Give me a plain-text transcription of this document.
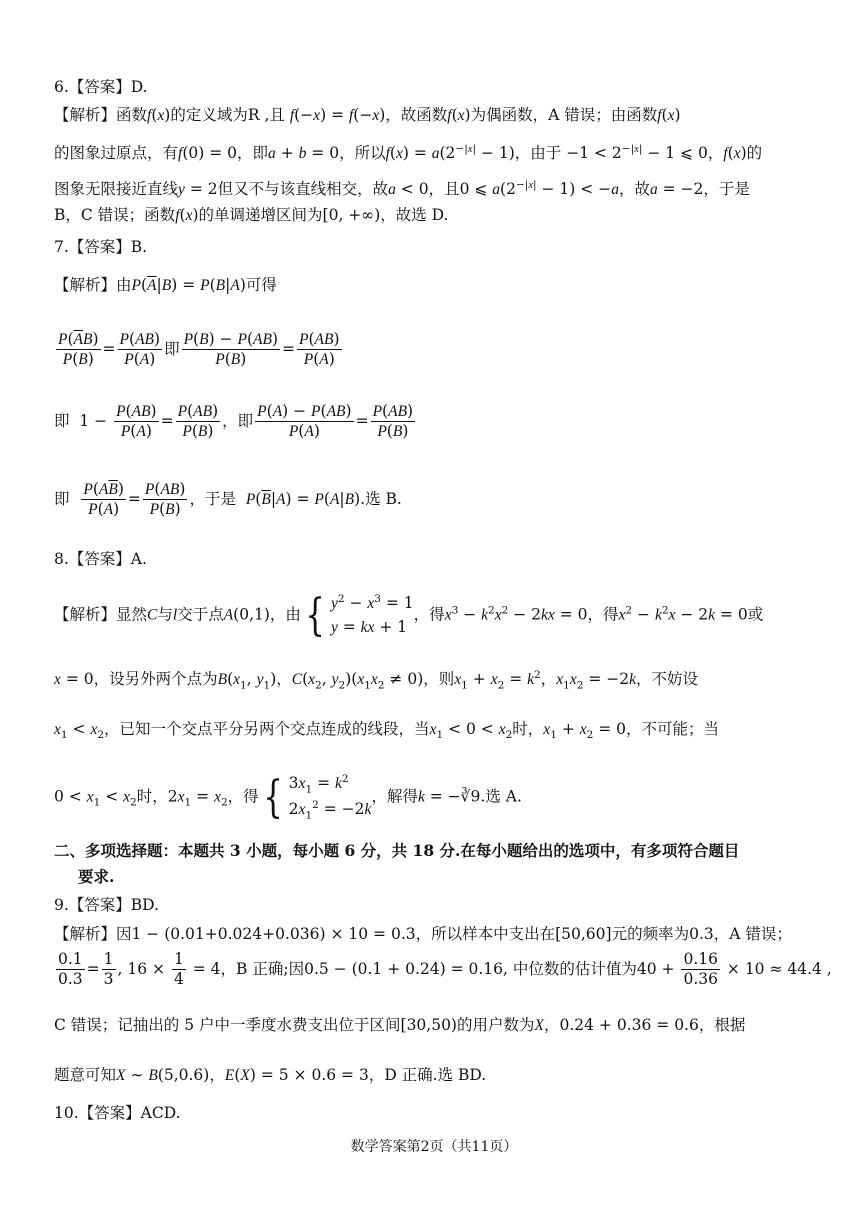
6.【答案】D.
【解析】函数f(x)的定义域为R ,且 f(−x) = f(−x)，故函数f(x)为偶函数，A 错误；由函数f(x)
的图象过原点，有f(0) = 0，即a + b = 0，所以$f(x) = a(2^{-|x|} - 1)$，由于 $-1 < 2^{-|x|} - 1$ ⩽ 0，f(x)的
图象无限接近直线y = 2但又不与该直线相交，故a < 0，且0 ⩽ $a(2^{-|x|} - 1) < -a$，故a = −2，于是
B，C 错误；函数f(x)的单调递增区间为[0, +∞)，故选 D.
7.【答案】B.
【解析】由$P(\overline{A}|B) = P(B|A)$可得
$\frac{P(\overline{A}B)}{P(B)} = \frac{P(AB)}{P(A)}$ 即 $\frac{P(B) - P(AB)}{P(B)} = \frac{P(AB)}{P(A)}$
即  $1 - \frac{P(AB)}{P(A)} = \frac{P(AB)}{P(B)}$ ，即 $\frac{P(A) - P(AB)}{P(A)} = \frac{P(AB)}{P(B)}$
即 $\frac{P(A\overline{B})}{P(A)} = \frac{P(AB)}{P(B)}$ ，于是 $P(\overline{B}|A) = P(A|B)$.选 B.
8.【答案】A.
【解析】显然C与l交于点A(0,1)，由 { $y^2 - x^3 = 1$
y = kx + 1
，得$x^3 - k^2x^2 - 2kx = 0$，得$x^2 - k^2x - 2k = 0$或
x = 0，设另外两个点为$B(x_1$, $y_1$)，$C(x_2$, $y_2)(x_1x_2 \ne 0)$，则$x_1 + x_2 = k^2$，$x_1x_2 = -2k$，不妨设
$x_1 < x_2$，已知一个交点平分另两个交点连成的线段，当$x_1 < 0 < x_2$时，$x_1 + x_2 = 0$，不可能；当
$0 < x_1 < x_2$时，$2x_1 = x_2$，得 { $3x_1 = k^2$
$2x_1^2 = -2k$
，解得k = −∛9.选 A.
二、多项选择题：本题共 3 小题，每小题 6 分，共 18 分.在每小题给出的选项中，有多项符合题目
要求.
9.【答案】BD.
【解析】因1 − (0.01+0.024+0.036) × 10 = 0.3，所以样本中支出在[50,60]元的频率为0.3，A 错误；
$\frac{0.1}{0.3} = \frac{1}{3}$ , $16 \times \frac{1}{4} = 4$，B 正确;因0.5 − (0.1 + 0.24) = 0.16, 中位数的估计值为$40 + \frac{0.16}{0.36} \times 10 \approx 44.4$ ,
C 错误；记抽出的 5 户中一季度水费支出位于区间[30,50)的用户数为X，0.24 + 0.36 = 0.6，根据
题意可知X ∼ B(5,0.6)，E(X) = 5 × 0.6 = 3，D 正确.选 BD.
10.【答案】ACD.
数学答案第2页（共11页）
